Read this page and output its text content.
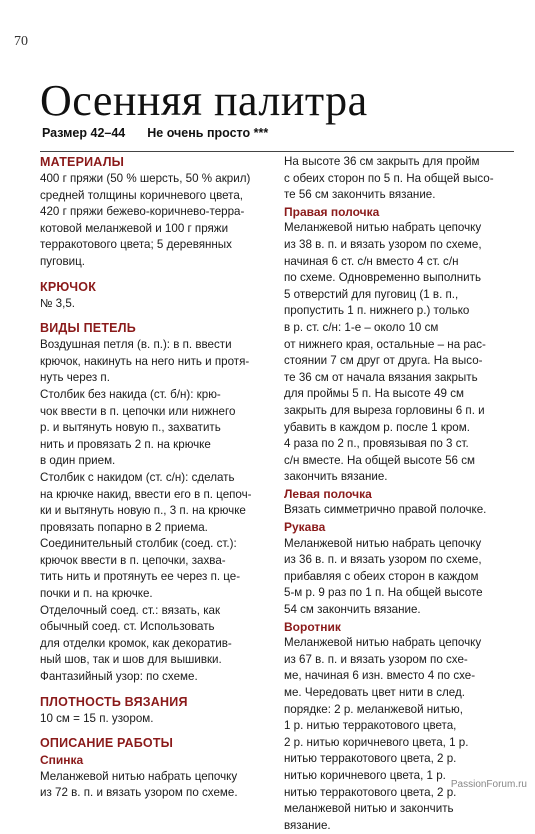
70
Осенняя палитра
Размер 42–44 Не очень просто ***
МАТЕРИАЛЫ
400 г пряжи (50 % шерсть, 50 % акрил)
средней толщины коричневого цвета,
420 г пряжи бежево-коричнево-терра-
котовой меланжевой и 100 г пряжи
терракотового цвета; 5 деревянных
пуговиц.
КРЮЧОК
№ 3,5.
ВИДЫ ПЕТЕЛЬ
Воздушная петля (в. п.): в п. ввести
крючок, накинуть на него нить и протя-
нуть через п.
Столбик без накида (ст. б/н): крю-
чок ввести в п. цепочки или нижнего
р. и вытянуть новую п., захватить
нить и провязать 2 п. на крючке
в один прием.
Столбик с накидом (ст. с/н): сделать
на крючке накид, ввести его в п. цепоч-
ки и вытянуть новую п., 3 п. на крючке
провязать попарно в 2 приема.
Соединительный столбик (соед. ст.):
крючок ввести в п. цепочки, захва-
тить нить и протянуть ее через п. це-
почки и п. на крючке.
Отделочный соед. ст.: вязать, как
обычный соед. ст. Использовать
для отделки кромок, как декоратив-
ный шов, так и шов для вышивки.
Фантазийный узор: по схеме.
ПЛОТНОСТЬ ВЯЗАНИЯ
10 см = 15 п. узором.
ОПИСАНИЕ РАБОТЫ
Спинка
Меланжевой нитью набрать цепочку
из 72 в. п. и вязать узором по схеме.
На высоте 36 см закрыть для пройм
с обеих сторон по 5 п. На общей высо-
те 56 см закончить вязание.
Правая полочка
Меланжевой нитью набрать цепочку
из 38 в. п. и вязать узором по схеме,
начиная 6 ст. с/н вместо 4 ст. с/н
по схеме. Одновременно выполнить
5 отверстий для пуговиц (1 в. п.,
пропустить 1 п. нижнего р.) только
в р. ст. с/н: 1-е – около 10 см
от нижнего края, остальные – на рас-
стоянии 7 см друг от друга. На высо-
те 36 см от начала вязания закрыть
для проймы 5 п. На высоте 49 см
закрыть для выреза горловины 6 п. и
убавить в каждом р. после 1 кром.
4 раза по 2 п., провязывая по 3 ст.
с/н вместе. На общей высоте 56 см
закончить вязание.
Левая полочка
Вязать симметрично правой полочке.
Рукава
Меланжевой нитью набрать цепочку
из 36 в. п. и вязать узором по схеме,
прибавляя с обеих сторон в каждом
5-м р. 9 раз по 1 п. На общей высоте
54 см закончить вязание.
Воротник
Меланжевой нитью набрать цепочку
из 67 в. п. и вязать узором по схе-
ме, начиная 6 изн. вместо 4 по схе-
ме. Чередовать цвет нити в след.
порядке: 2 р. меланжевой нитью,
1 р. нитью терракотового цвета,
2 р. нитью коричневого цвета, 1 р.
нитью терракотового цвета, 2 р.
нитью коричневого цвета, 1 р.
нитью терракотового цвета, 2 р.
меланжевой нитью и закончить
вязание.
PassionForum.ru
